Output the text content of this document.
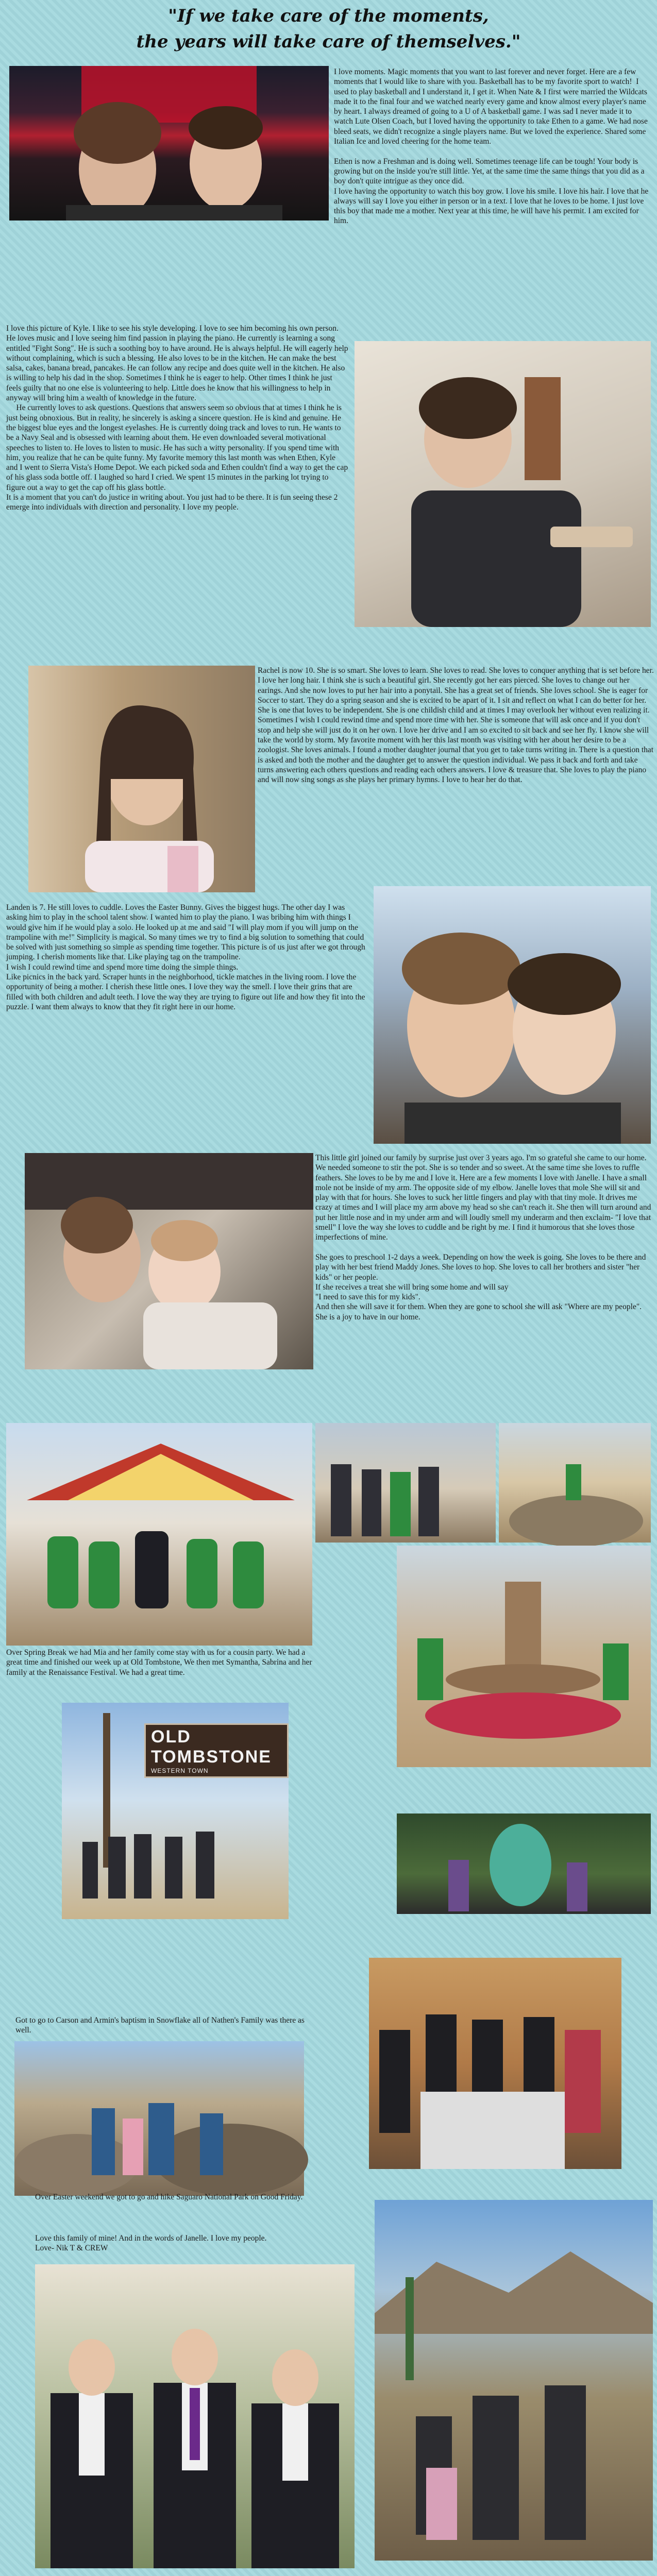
"If we take care of the moments,
the years will take care of themselves."
I love moments. Magic moments that you want to last forever and never forget. Here are a few moments that I would like to share with you. Basketball has to be my favorite sport to watch!  I used to play basketball and I understand it, I get it. When Nate & I first were married the Wildcats made it to the final four and we watched nearly every game and know almost every player's name by heart. I always dreamed of going to a U of A basketball game. I was sad I never made it to watch Lute Olsen Coach, but I loved having the opportunity to take Ethen to a game. We had nose bleed seats, we didn't recognize a single players name. But we loved the experience. Shared some Italian Ice and loved cheering for the home team.

Ethen is now a Freshman and is doing well. Sometimes teenage life can be tough! Your body is growing but on the inside you're still little. Yet, at the same time the same things that you did as a boy don't quite intrigue as they once did.
I love having the opportunity to watch this boy grow. I love his smile. I love his hair. I love that he always will say I love you either in person or in a text. I love that he loves to be home. I just love this boy that made me a mother. Next year at this time, he will have his permit. I am excited for him.
I love this picture of Kyle. I like to see his style developing. I love to see him becoming his own person. He loves music and I love seeing him find passion in playing the piano. He currently is learning a song entitled "Fight Song". He is such a soothing boy to have around. He is always helpful. He will eagerly help without complaining, which is such a blessing. He also loves to be in the kitchen. He can make the best salsa, cakes, banana bread, pancakes. He can follow any recipe and does quite well in the kitchen. He also is willing to help his dad in the shop. Sometimes I think he is eager to help. Other times I think he just feels guilty that no one else is volunteering to help. Little does he know that his willingness to help in anyway will bring him a wealth of knowledge in the future.
He currently loves to ask questions. Questions that answers seem so obvious that at times I think he is just being obnoxious. But in reality, he sincerely is asking a sincere question. He is kind and genuine. He the biggest blue eyes and the longest eyelashes. He is currently doing track and loves to run. He wants to be a Navy Seal and is obsessed with learning about them. He even downloaded several motivational speeches to listen to. He loves to listen to music. He has such a witty personality. If you spend time with him, you realize that he can be quite funny. My favorite memory this last month was when Ethen, Kyle and I went to Sierra Vista's Home Depot. We each picked soda and Ethen couldn't find a way to get the cap of his glass soda bottle off. I laughed so hard I cried. We spent 15 minutes in the parking lot trying to figure out a way to get the cap off his glass bottle.
It is a moment that you can't do justice in writing about. You just had to be there. It is fun seeing these 2 emerge into individuals with direction and personality. I love my people.
Rachel is now 10. She is so smart. She loves to learn. She loves to read. She loves to conquer anything that is set before her. I love her long hair. I think she is such a beautiful girl. She recently got her ears pierced. She loves to change out her earings. And she now loves to put her hair into a ponytail. She has a great set of friends. She loves school. She is eager for Soccer to start. They do a spring season and she is excited to be apart of it. I sit and reflect on what I can do better for her. She is one that loves to be independent. She is one childish child and at times I may overlook her without even realizing it. Sometimes I wish I could rewind time and spend more time with her. She is someone that will ask once and if you don't stop and help she will just do it on her own. I love her drive and I am so excited to sit back and see her fly. I know she will take the world by storm. My favorite moment with her this last month was visiting with her about her desire to be a zoologist. She loves animals. I found a mother daughter journal that you get to take turns writing in. There is a question that is asked and both the mother and the daughter get to answer the question individual. We pass it back and forth and take turns answering each others questions and reading each others answers. I love & treasure that. She loves to play the piano and will now sing songs as she plays her primary hymns. I love to hear her do that.
Landen is 7. He still loves to cuddle. Loves the Easter Bunny. Gives the biggest hugs. The other day I was asking him to play in the school talent show. I wanted him to play the piano. I was bribing him with things I would give him if he would play a solo. He looked up at me and said "I will play mom if you will jump on the trampoline with me!" Simplicity is magical. So many times we try to find a big solution to something that could be solved with just something so simple as spending time together. This picture is of us just after we got through jumping. I cherish moments like that. Like playing tag on the trampoline.
I wish I could rewind time and spend more time doing the simple things.
Like picnics in the back yard. Scraper hunts in the neighborhood, tickle matches in the living room. I love the opportunity of being a mother. I cherish these little ones. I love they way the smell. I love their grins that are filled with both children and adult teeth. I love the way they are trying to figure out life and how they fit into the puzzle. I want them always to know that they fit right here in our home.
This little girl joined our family by surprise just over 3 years ago. I'm so grateful she came to our home. We needed someone to stir the pot. She is so tender and so sweet. At the same time she loves to ruffle feathers. She loves to be by me and I love it. Here are a few moments I love with Janelle. I have a small mole not be inside of my arm. The opposite side of my elbow. Janelle loves that mole She will sit and play with that for hours. She loves to suck her little fingers and play with that tiny mole. It drives me crazy at times and I will place my arm above my head so she can't reach it. She then will turn around and put her little nose and in my under arm and will loudly smell my underarm and then exclaim- "I love that smell" I love the way she loves to cuddle and be right by me. I find it humorous that she loves those imperfections of mine.

She goes to preschool 1-2 days a week. Depending on how the week is going. She loves to be there and play with her best friend Maddy Jones. She loves to hop. She loves to call her brothers and sister "her kids" or her people.
If she receives a treat she will bring some home and will say
"I need to save this for my kids".
And then she will save it for them. When they are gone to school she will ask "Where are my people".
She is a joy to have in our home.
Over Spring Break we had Mia and her family come stay with us for a cousin party. We had a great time and finished our week up at Old Tombstone, We then met Symantha, Sabrina and her family at the Renaissance Festival. We had a great time.
OLD TOMBSTONE
WESTERN TOWN
Got to go to Carson and Armin's baptism in Snowflake all of Nathen's Family was there as well.
Over Easter weekend we got to go and hike Saguaro National Park on Good Friday.
Love this family of mine! And in the words of Janelle. I love my people.
Love- Nik T & CREW
